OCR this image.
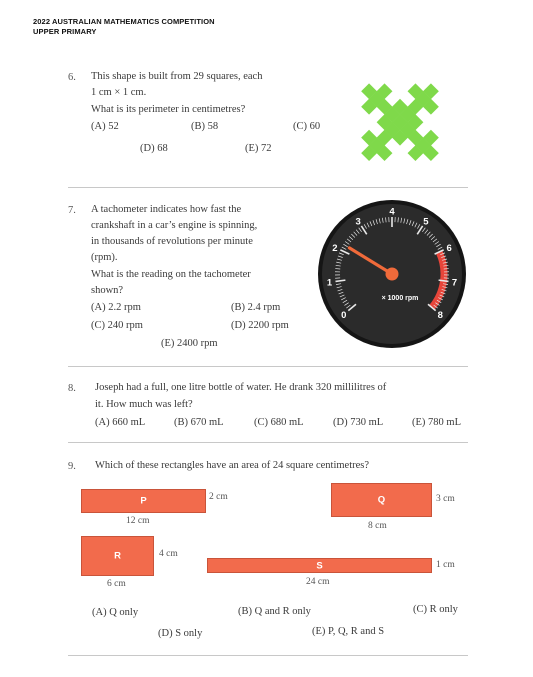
2022 AUSTRALIAN MATHEMATICS COMPETITION
UPPER PRIMARY
6. This shape is built from 29 squares, each
1 cm × 1 cm.
What is its perimeter in centimetres?
(A) 52	(B) 58	(C) 60
(D) 68	(E) 72
7. A tachometer indicates how fast the
crankshaft in a car’s engine is spinning,
in thousands of revolutions per minute
(rpm).
What is the reading on the tachometer
shown?
(A) 2.2 rpm	(B) 2.4 rpm
(C) 240 rpm	(D) 2200 rpm
(E) 2400 rpm
0
1
2
3
4
5
6
7
8
× 1000 rpm
8. Joseph had a full, one litre bottle of water. He drank 320 millilitres of
it. How much was left?
(A) 660 mL	(B) 670 mL	(C) 680 mL	(D) 730 mL	(E) 780 mL
9. Which of these rectangles have an area of 24 square centimetres?
P	2 cm
12 cm
Q	3 cm
8 cm
R	4 cm
6 cm
S	1 cm
24 cm
(A) Q only	(B) Q and R only	(C) R only
(D) S only	(E) P, Q, R and S
